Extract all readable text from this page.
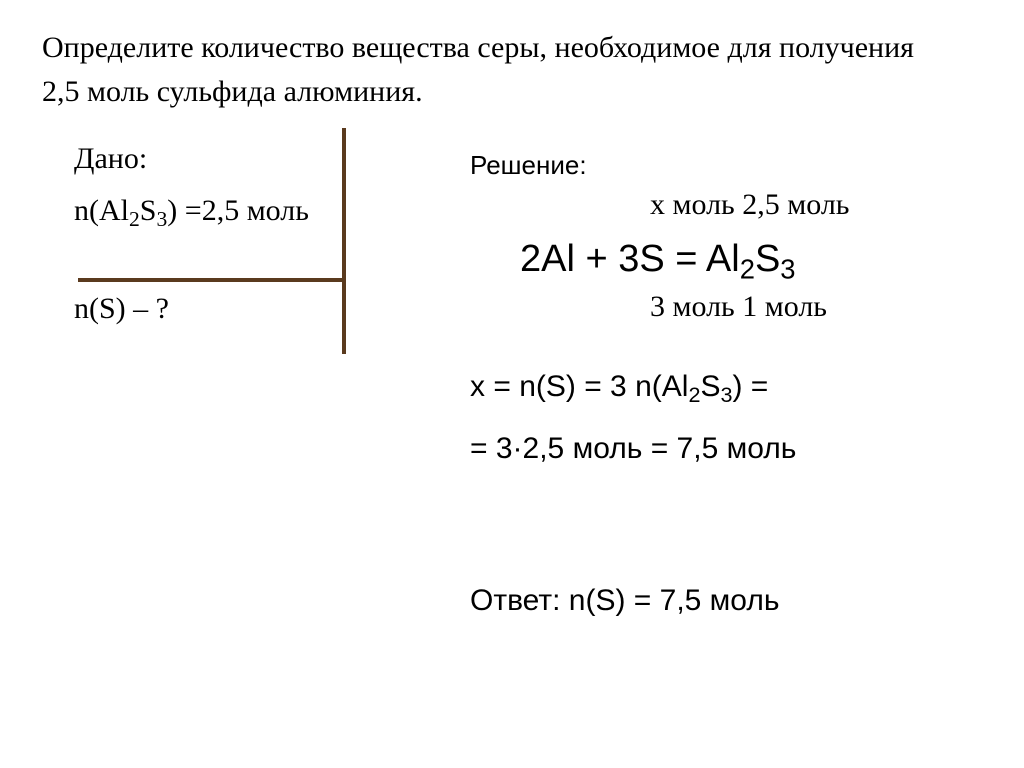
Определите количество вещества серы, необходимое для получения 2,5 моль сульфида алюминия.
Дано:
$n(Al_2S_3) =2,5$ моль
n(S) – ?
Решение:
x моль 2,5 моль
$2Al + 3S = Al_2S_3$
3 моль 1 моль
x = n(S) = 3 $n(Al_2S_3)$ =
= 3·2,5 моль = 7,5 моль
Ответ: n(S) = 7,5 моль
